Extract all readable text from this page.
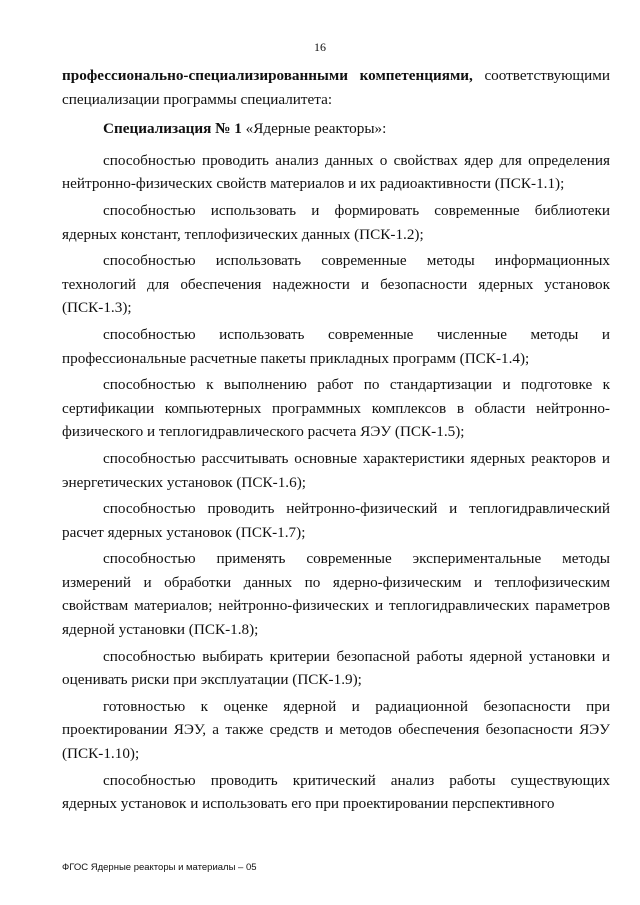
16

профессионально-специализированными компетенциями, соответствующими специализации программы специалитета:

Специализация № 1 «Ядерные реакторы»:

способностью проводить анализ данных о свойствах ядер для определения нейтронно-физических свойств материалов и их радиоактивности (ПСК-1.1);

способностью использовать и формировать современные библиотеки ядерных констант, теплофизических данных (ПСК-1.2);

способностью использовать современные методы информационных технологий для обеспечения надежности и безопасности ядерных установок (ПСК-1.3);

способностью использовать современные численные методы и профессиональные расчетные пакеты прикладных программ (ПСК-1.4);

способностью к выполнению работ по стандартизации и подготовке к сертификации компьютерных программных комплексов в области нейтронно-физического и теплогидравлического расчета ЯЭУ (ПСК-1.5);

способностью рассчитывать основные характеристики ядерных реакторов и энергетических установок (ПСК-1.6);

способностью проводить нейтронно-физический и теплогидравлический расчет ядерных установок (ПСК-1.7);

способностью применять современные экспериментальные методы измерений и обработки данных по ядерно-физическим и теплофизическим свойствам материалов; нейтронно-физических и теплогидравлических параметров ядерной установки (ПСК-1.8);

способностью выбирать критерии безопасной работы ядерной установки и оценивать риски при эксплуатации (ПСК-1.9);

готовностью к оценке ядерной и радиационной безопасности при проектировании ЯЭУ, а также средств и методов обеспечения безопасности ЯЭУ (ПСК-1.10);

способностью проводить критический анализ работы существующих ядерных установок и использовать его при проектировании перспективного

ФГОС Ядерные реакторы и материалы – 05
